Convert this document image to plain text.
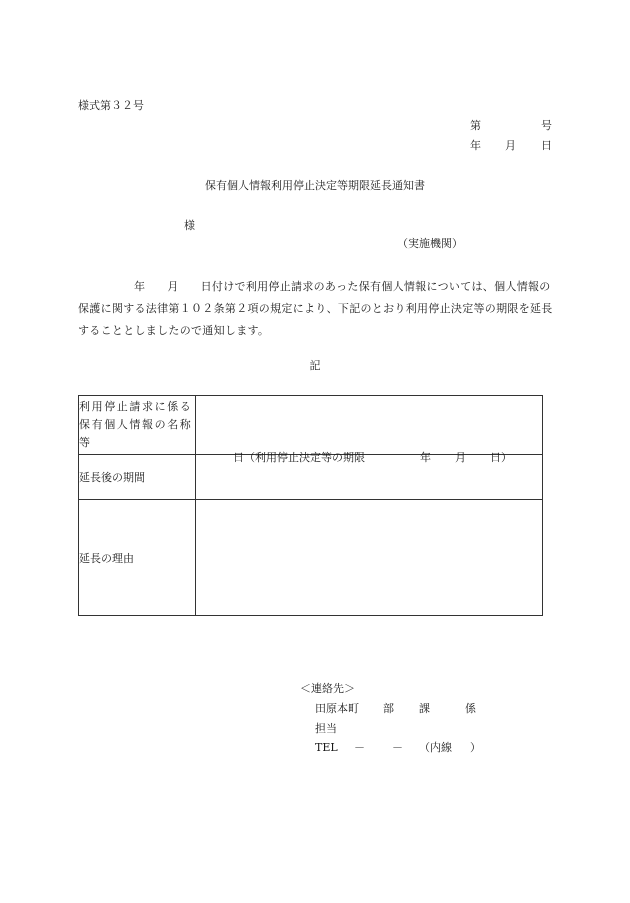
様式第３２号
第	号
年 月 日
保有個人情報利用停止決定等期限延長通知書
様
（実施機関）
年 月 日付けで利用停止請求のあった保有個人情報については、個人情報の保護に関する法律第１０２条第２項の規定により、下記のとおり利用停止決定等の期限を延長することとしましたので通知します。
記
利用停止請求に係る保有個人情報の名称等	

延長後の期間	日 （利用停止決定等の期限 年 月 日）

延長の理由	
＜連絡先＞
田原本町 部 課	係
担当
TEL － － （内線 ）
